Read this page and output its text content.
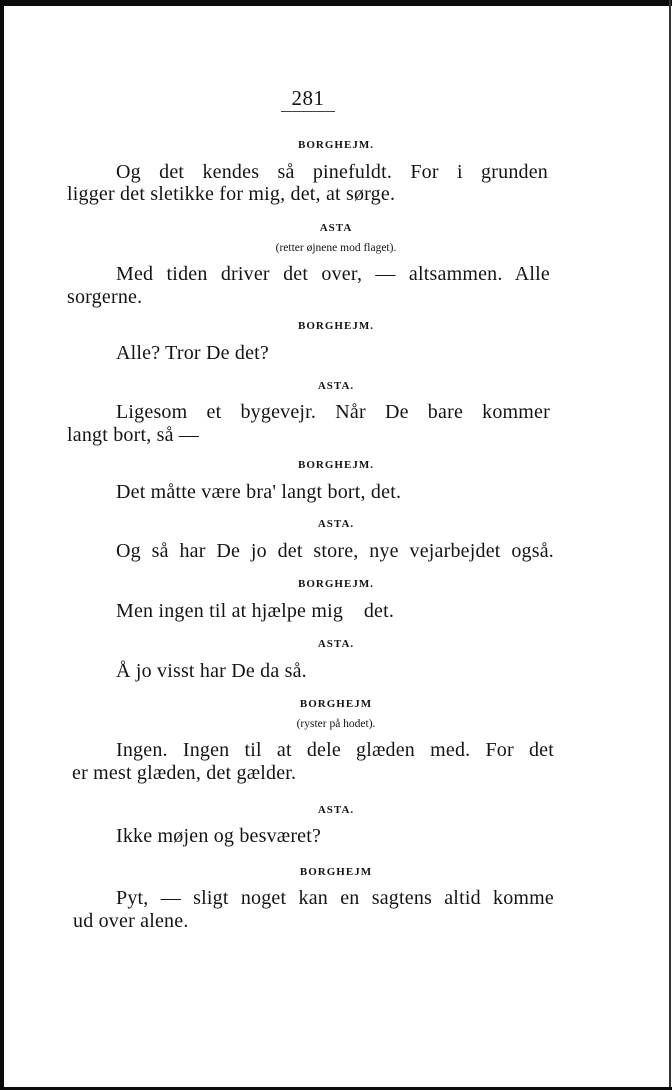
281
BORGHEJM.
Og det kendes så pinefuldt. For i grunden
ligger det sletikke for mig, det, at sørge.
ASTA
(retter øjnene mod flaget).
Med tiden driver det over, — altsammen. Alle
sorgerne.
BORGHEJM.
Alle? Tror De det?
ASTA.
Ligesom et bygevejr. Når De bare kommer
langt bort, så —
BORGHEJM.
Det måtte være bra' langt bort, det.
ASTA.
Og så har De jo det store, nye vejarbejdet også.
BORGHEJM.
Men ingen til at hjælpe mig    det.
ASTA.
Å jo visst har De da så.
BORGHEJM
(ryster på hodet).
Ingen. Ingen til at dele glæden med. For det
er mest glæden, det gælder.
ASTA.
Ikke møjen og besværet?
BORGHEJM
Pyt, — sligt noget kan en sagtens altid komme
ud over alene.
